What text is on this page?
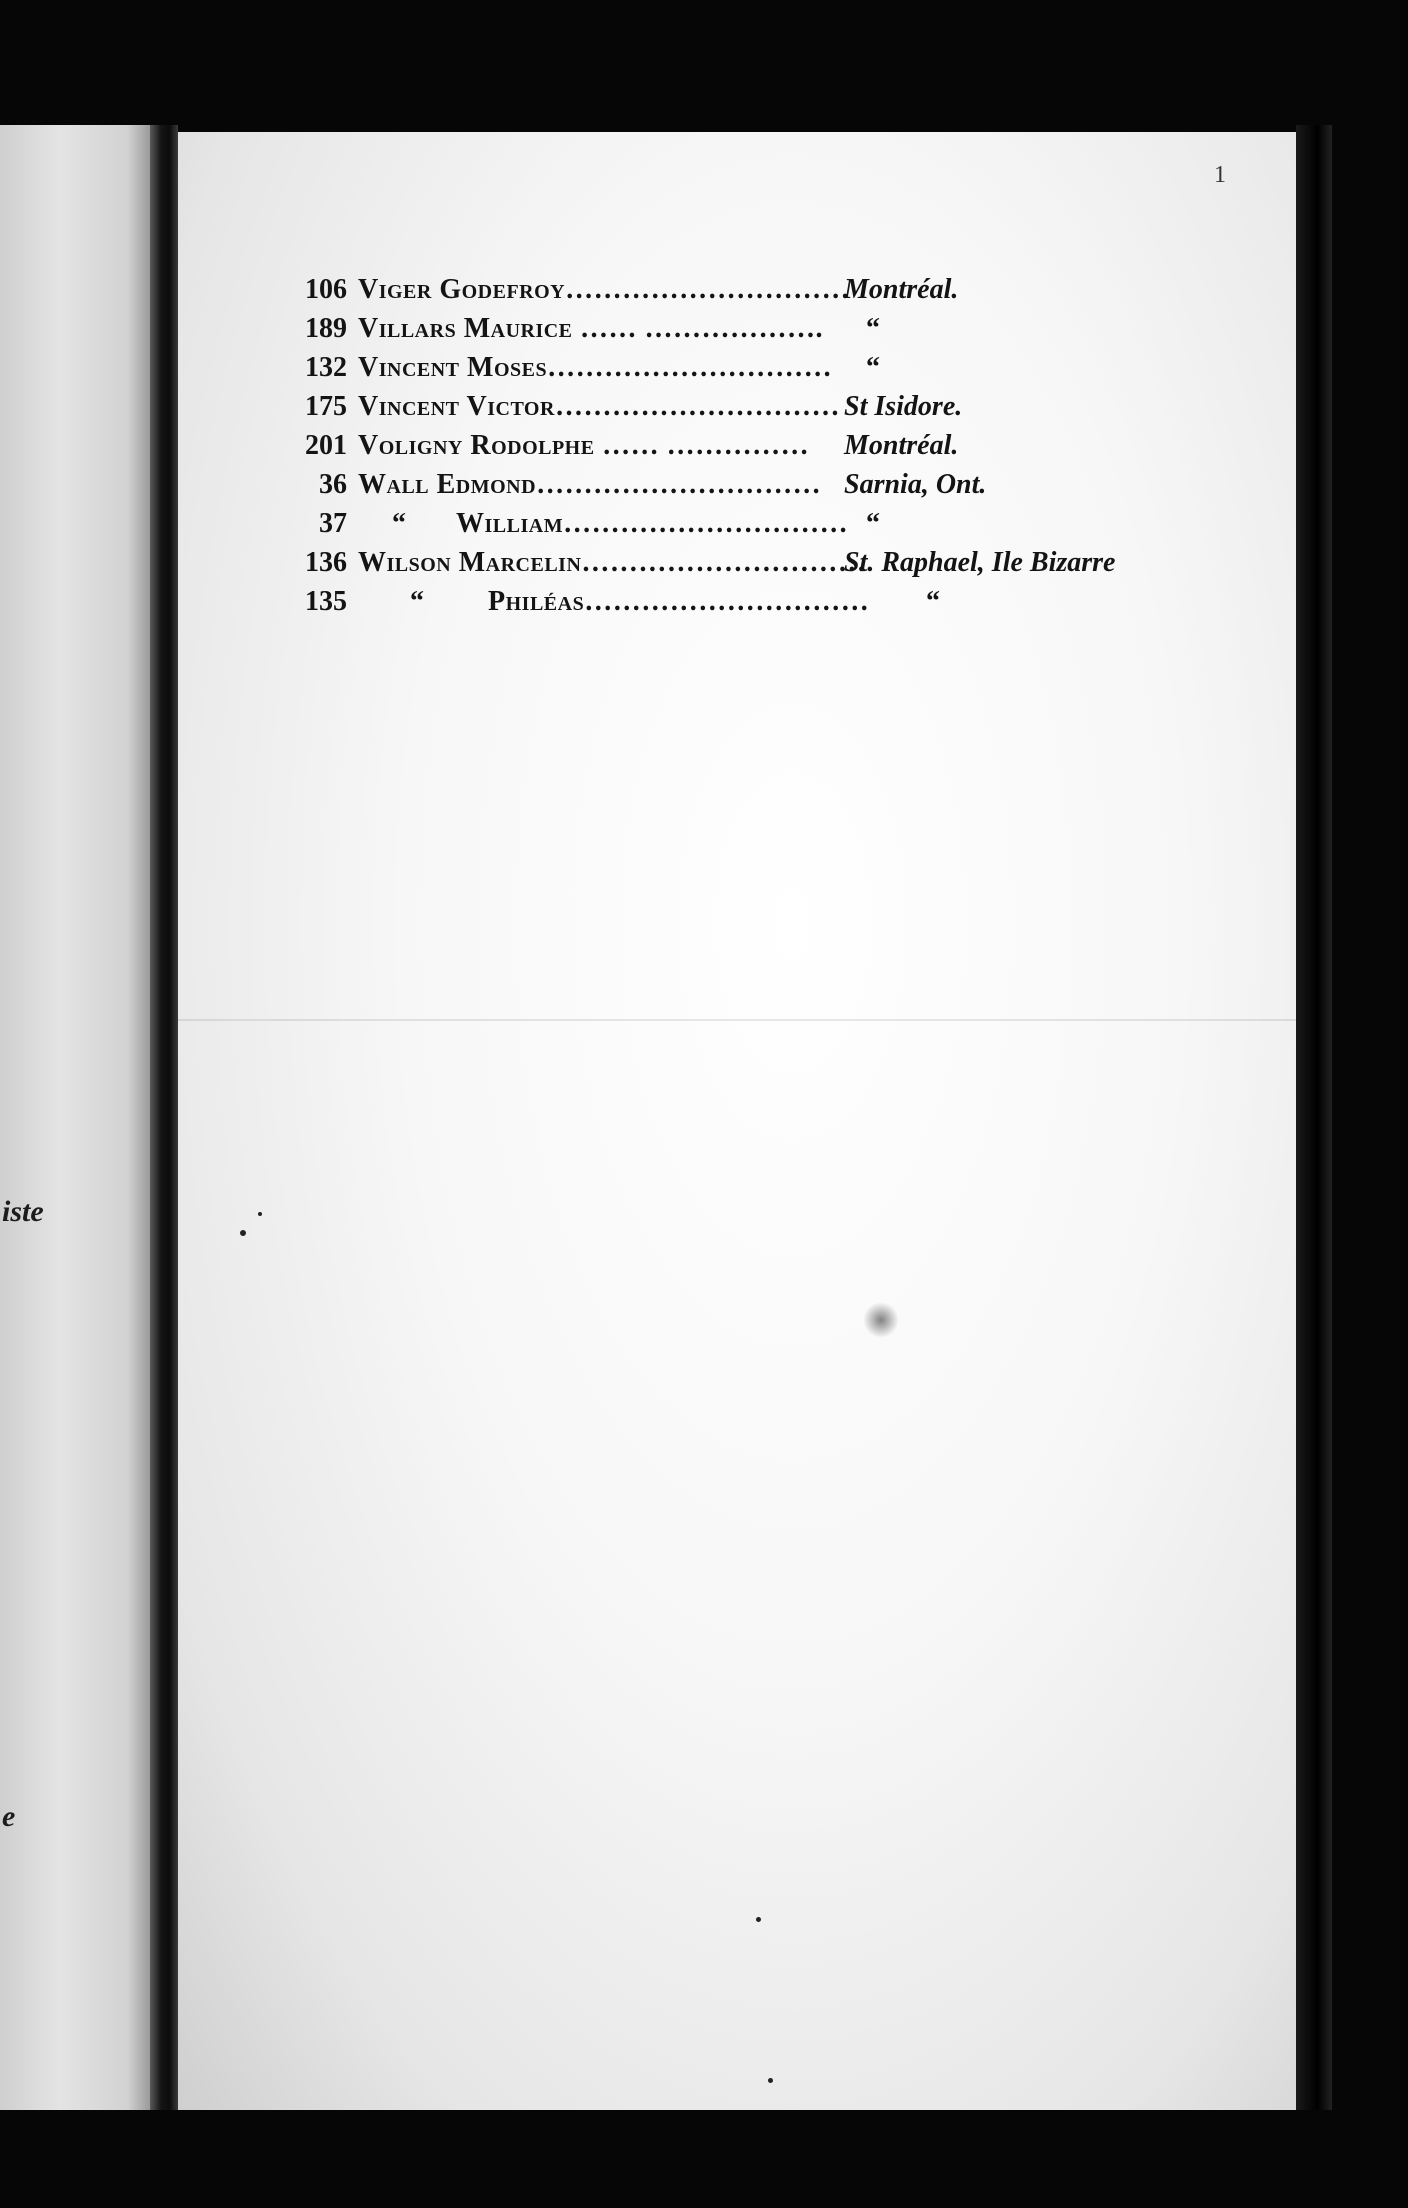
iste
e
1
106 Viger Godefroy…………………………
Montréal.
189 Villars Maurice …… ………………. “
132 Vincent Moses………………………… “
175 Vincent Victor………………………… St Isidore.
201 Voligny Rodolphe …… …………… Montréal.
36 Wall Edmond………………………… Sarnia, Ont.
37 “ William………………………… “
136 Wilson Marcelin…………………………
St. Raphael, Ile Bizarre
135 “ Philéas………………………… “
